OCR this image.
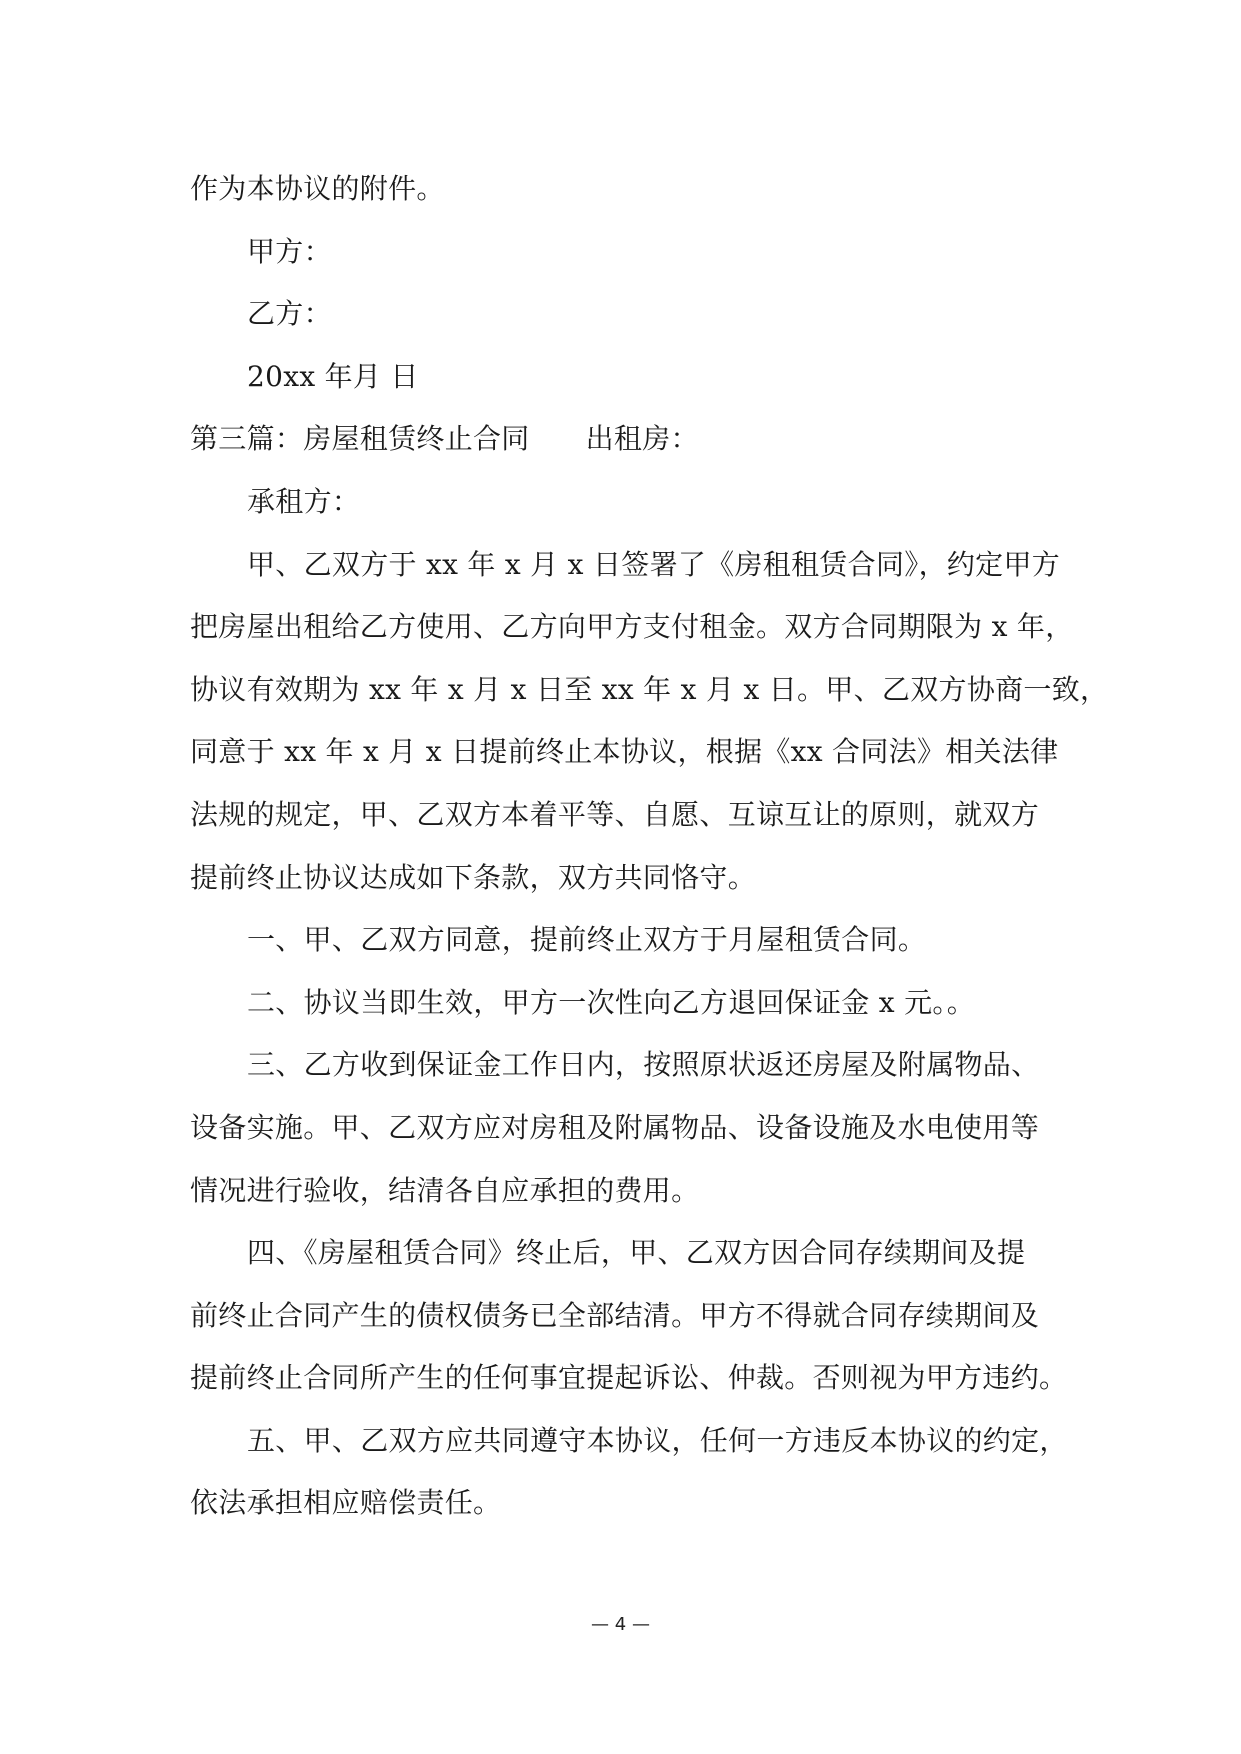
作为本协议的附件。
甲方：
乙方：
20xx 年月 日
第三篇：房屋租赁终止合同 出租房：
承租方：
甲、乙双方于 xx 年 x 月 x 日签署了《房租租赁合同》，约定甲方
把房屋出租给乙方使用、乙方向甲方支付租金。双方合同期限为 x 年，
协议有效期为 xx 年 x 月 x 日至 xx 年 x 月 x 日。甲、乙双方协商一致，
同意于 xx 年 x 月 x 日提前终止本协议，根据《xx 合同法》相关法律
法规的规定，甲、乙双方本着平等、自愿、互谅互让的原则，就双方
提前终止协议达成如下条款，双方共同恪守。
一、甲、乙双方同意，提前终止双方于月屋租赁合同。
二、协议当即生效，甲方一次性向乙方退回保证金 x 元。。
三、乙方收到保证金工作日内，按照原状返还房屋及附属物品、
设备实施。甲、乙双方应对房租及附属物品、设备设施及水电使用等
情况进行验收，结清各自应承担的费用。
四、《房屋租赁合同》终止后，甲、乙双方因合同存续期间及提
前终止合同产生的债权债务已全部结清。甲方不得就合同存续期间及
提前终止合同所产生的任何事宜提起诉讼、仲裁。否则视为甲方违约。
五、甲、乙双方应共同遵守本协议，任何一方违反本协议的约定，
依法承担相应赔偿责任。
— 4 —
